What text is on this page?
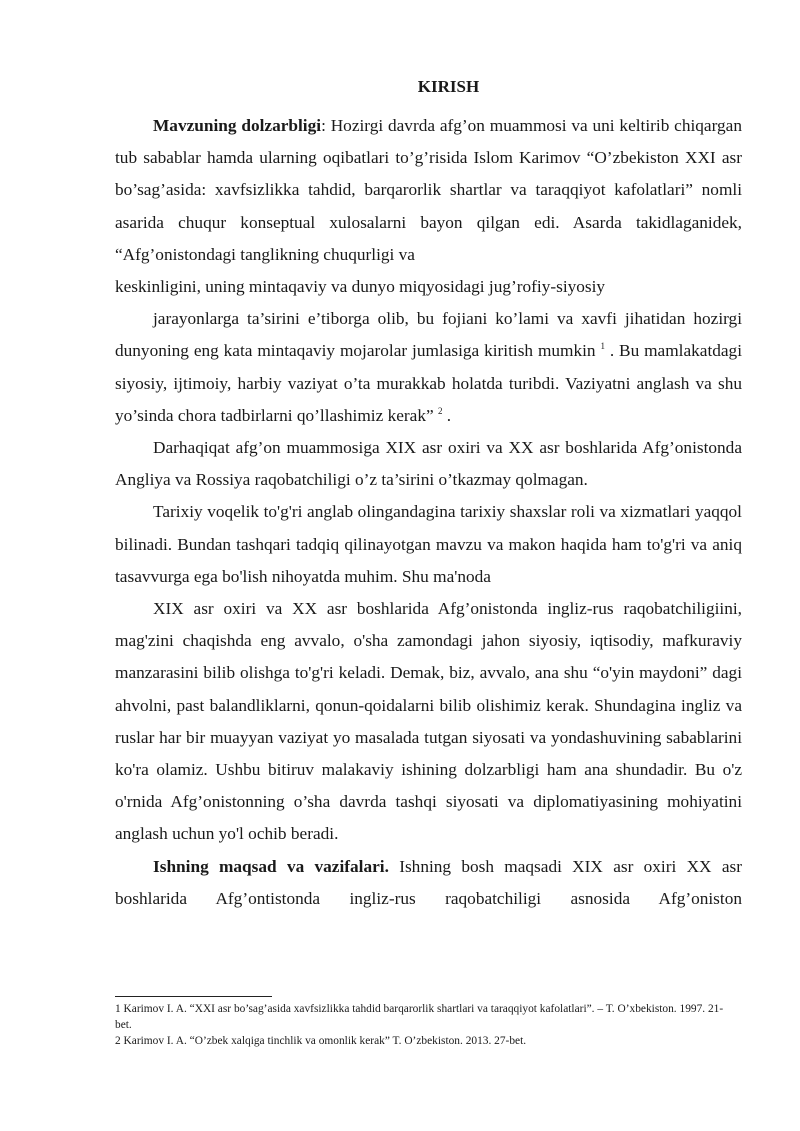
KIRISH

Mavzuning dolzarbligi: Hozirgi davrda afg’on muammosi va uni keltirib chiqargan tub sabablar hamda ularning oqibatlari to’g’risida Islom Karimov “O’zbekiston XXI asr bo’sag’asida: xavfsizlikka tahdid, barqarorlik shartlar va taraqqiyot kafolatlari” nomli asarida chuqur konseptual xulosalarni bayon qilgan edi. Asarda takidlaganidek, “Afg’onistondagi tanglikning chuqurligi va

keskinligini, uning mintaqaviy va dunyo miqyosidagi jug’rofiy-siyosiy

jarayonlarga ta’sirini e’tiborga olib, bu fojiani ko’lami va xavfi jihatidan hozirgi dunyoning eng kata mintaqaviy mojarolar jumlasiga kiritish mumkin $^1$ . Bu mamlakatdagi siyosiy, ijtimoiy, harbiy vaziyat o’ta murakkab holatda turibdi. Vaziyatni anglash va shu yo’sinda chora tadbirlarni qo’llashimiz kerak” $^2$ .

Darhaqiqat afg’on muammosiga XIX asr oxiri va XX asr boshlarida Afg’onistonda Angliya va Rossiya raqobatchiligi o’z ta’sirini o’tkazmay qolmagan.

Tarixiy voqelik to'g'ri anglab olingandagina tarixiy shaxslar roli va xizmatlari yaqqol bilinadi. Bundan tashqari tadqiq qilinayotgan mavzu va makon haqida ham to'g'ri va aniq tasavvurga ega bo'lish nihoyatda muhim. Shu ma'noda

XIX asr oxiri va XX asr boshlarida Afg’onistonda ingliz-rus raqobatchiligiini, mag'zini chaqishda eng avvalo, o'sha zamondagi jahon siyosiy, iqtisodiy, mafkuraviy manzarasini bilib olishga to'g'ri keladi. Demak, biz, avvalo, ana shu “o'yin maydoni” dagi ahvolni, past balandliklarni, qonun-qoidalarni bilib olishimiz kerak. Shundagina ingliz va ruslar har bir muayyan vaziyat yo masalada tutgan siyosati va yondashuvining sabablarini ko'ra olamiz. Ushbu bitiruv malakaviy ishining dolzarbligi ham ana shundadir. Bu o'z o'rnida Afg’onistonning o’sha davrda tashqi siyosati va diplomatiyasining mohiyatini anglash uchun yo'l ochib beradi.

Ishning maqsad va vazifalari. Ishning bosh maqsadi XIX asr oxiri XX asr boshlarida Afg’ontistonda ingliz-rus raqobatchiligi asnosida Afg’oniston

1 Karimov I. A. “XXI asr bo’sag’asida xavfsizlikka tahdid barqarorlik shartlari va taraqqiyot kafolatlari”. – T. O’xbekiston. 1997. 21-bet.

2 Karimov I. A. “O’zbek xalqiga tinchlik va omonlik kerak” T. O’zbekiston. 2013. 27-bet.
